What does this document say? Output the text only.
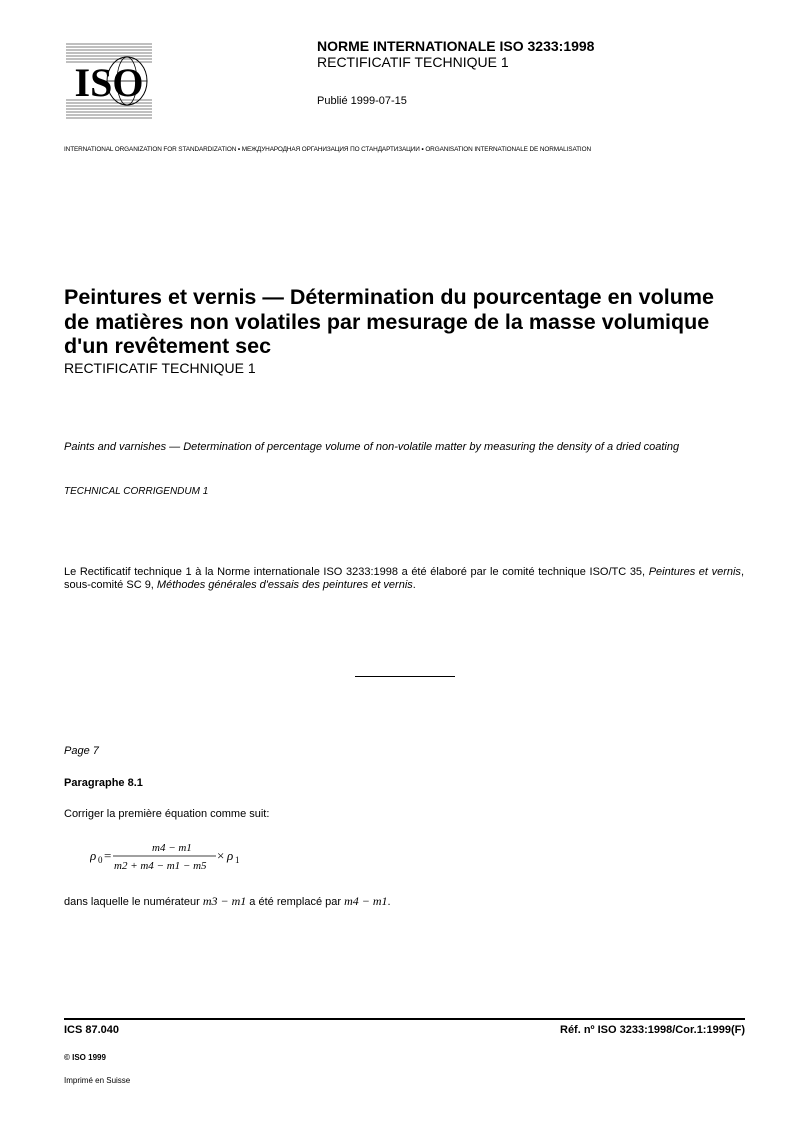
ISO
NORME INTERNATIONALE ISO 3233:1998
RECTIFICATIF TECHNIQUE 1
Publié 1999-07-15
INTERNATIONAL ORGANIZATION FOR STANDARDIZATION • МЕЖДУНАРОДНАЯ ОРГАНИЗАЦИЯ ПО СТАНДАРТИЗАЦИИ • ORGANISATION INTERNATIONALE DE NORMALISATION
Peintures et vernis — Détermination du pourcentage en volume de matières non volatiles par mesurage de la masse volumique d'un revêtement sec
RECTIFICATIF TECHNIQUE 1
Paints and varnishes — Determination of percentage volume of non-volatile matter by measuring the density of a dried coating
TECHNICAL CORRIGENDUM 1
Le Rectificatif technique 1 à la Norme internationale ISO 3233:1998 a été élaboré par le comité technique ISO/TC 35, Peintures et vernis, sous-comité SC 9, Méthodes générales d'essais des peintures et vernis.
Page 7
Paragraphe 8.1
Corriger la première équation comme suit:
ρ 0 =	m4 − m1
m2 + m4 − m1 − m5
× ρ 1
dans laquelle le numérateur m3 − m1 a été remplacé par m4 − m1.
ICS 87.040	Réf. nº ISO 3233:1998/Cor.1:1999(F)
© ISO 1999
Imprimé en Suisse
